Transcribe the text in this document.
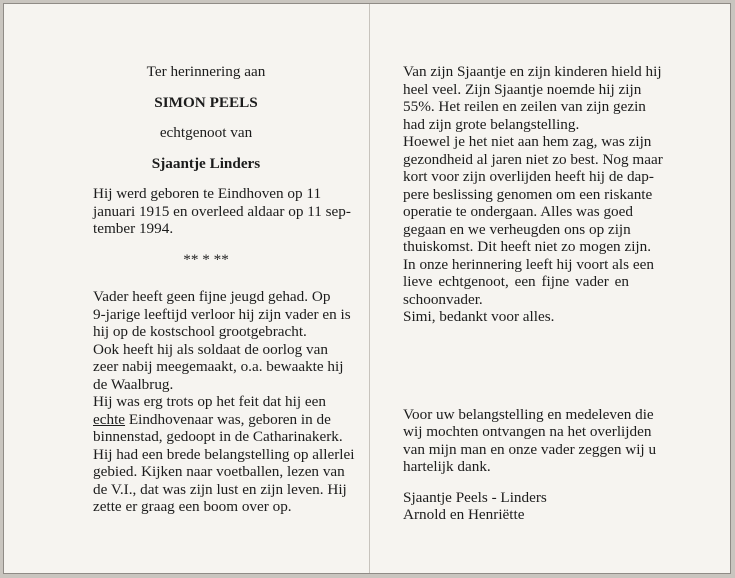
Ter herinnering aan

SIMON PEELS

echtgenoot van

Sjaantje Linders

Hij werd geboren te Eindhoven op 11
januari 1915 en overleed aldaar op 11 sep-
tember 1994.

** * **

Vader heeft geen fijne jeugd gehad. Op
9-jarige leeftijd verloor hij zijn vader en is
hij op de kostschool grootgebracht.
Ook heeft hij als soldaat de oorlog van
zeer nabij meegemaakt, o.a. bewaakte hij
de Waalbrug.
Hij was erg trots op het feit dat hij een
echte Eindhovenaar was, geboren in de
binnenstad, gedoopt in de Catharinakerk.
Hij had een brede belangstelling op allerlei
gebied. Kijken naar voetballen, lezen van
de V.I., dat was zijn lust en zijn leven. Hij
zette er graag een boom over op.
Van zijn Sjaantje en zijn kinderen hield hij
heel veel. Zijn Sjaantje noemde hij zijn
55%. Het reilen en zeilen van zijn gezin
had zijn grote belangstelling.
Hoewel je het niet aan hem zag, was zijn
gezondheid al jaren niet zo best. Nog maar
kort voor zijn overlijden heeft hij de dap-
pere beslissing genomen om een riskante
operatie te ondergaan. Alles was goed
gegaan en we verheugden ons op zijn
thuiskomst. Dit heeft niet zo mogen zijn.
In onze herinnering leeft hij voort als een
lieve echtgenoot, een fijne vader en
schoonvader.

Simi, bedankt voor alles.

Voor uw belangstelling en medeleven die
wij mochten ontvangen na het overlijden
van mijn man en onze vader zeggen wij u
hartelijk dank.

Sjaantje Peels - Linders

Arnold en Henriëtte
